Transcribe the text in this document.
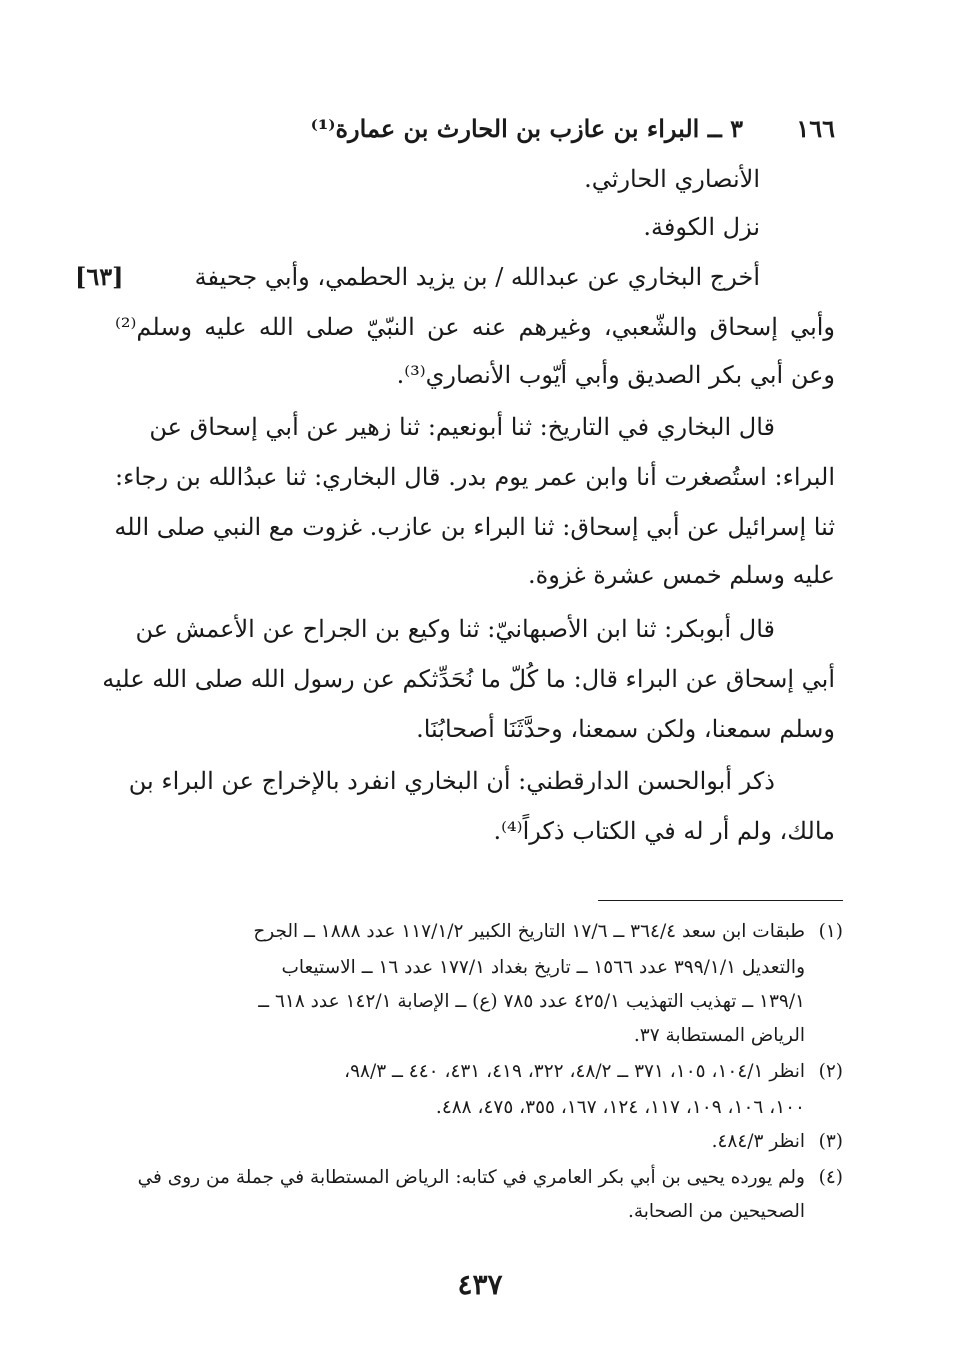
١٦٦
٣ ــ البراء بن عازب بن الحارث بن عمارة⁽¹⁾
الأنصاري الحارثي.
نزل الكوفة.
[٦٣]	أخرج البخاري عن عبدالله / بن يزيد الحطمي، وأبي جحيفة
وأبي إسحاق والشّعبي، وغيرهم عنه عن النبّيّ صلى الله عليه وسلم⁽²⁾
وعن أبي بكر الصديق وأبي أيّوب الأنصاري⁽³⁾.
قال البخاري في التاريخ: ثنا أبونعيم: ثنا زهير عن أبي إسحاق عن
البراء: استُصغرت أنا وابن عمر يوم بدر. قال البخاري: ثنا عبدُالله بن رجاء:
ثنا إسرائيل عن أبي إسحاق: ثنا البراء بن عازب. غزوت مع النبي صلى الله
عليه وسلم خمس عشرة غزوة.
قال أبوبكر: ثنا ابن الأصبهانيّ: ثنا وكيع بن الجراح عن الأعمش عن
أبي إسحاق عن البراء قال: ما كُلّ ما نُحَدِّثكم عن رسول الله صلى الله عليه
وسلم سمعنا، ولكن سمعنا، وحدَّثَنَا أصحابُنَا.
ذكر أبوالحسن الدارقطني: أن البخاري انفرد بالإخراج عن البراء بن
مالك، ولم أر له في الكتاب ذكراً⁽⁴⁾.
(١)
طبقات ابن سعد ٣٦٤/٤ ــ ١٧/٦ التاريخ الكبير ١١٧/١/٢ عدد ١٨٨٨ ــ الجرح
والتعديل ٣٩٩/١/١ عدد ١٥٦٦ ــ تاريخ بغداد ١٧٧/١ عدد ١٦ ــ الاستيعاب
١٣٩/١ ــ تهذيب التهذيب ٤٢٥/١ عدد ٧٨٥ (ع) ــ الإصابة ١٤٢/١ عدد ٦١٨ ــ
الرياض المستطابة ٣٧.
(٢)
انظر ١٠٤/١، ١٠٥، ٣٧١ ــ ٤٨/٢، ٣٢٢، ٤١٩، ٤٣١، ٤٤٠ ــ ٩٨/٣،
١٠٠، ١٠٦، ١٠٩، ١١٧، ١٢٤، ١٦٧، ٣٥٥، ٤٧٥، ٤٨٨.
(٣)
انظر ٤٨٤/٣.
(٤)
ولم يورده يحيى بن أبي بكر العامري في كتابه: الرياض المستطابة في جملة من روى في
الصحيحين من الصحابة.
٤٣٧
